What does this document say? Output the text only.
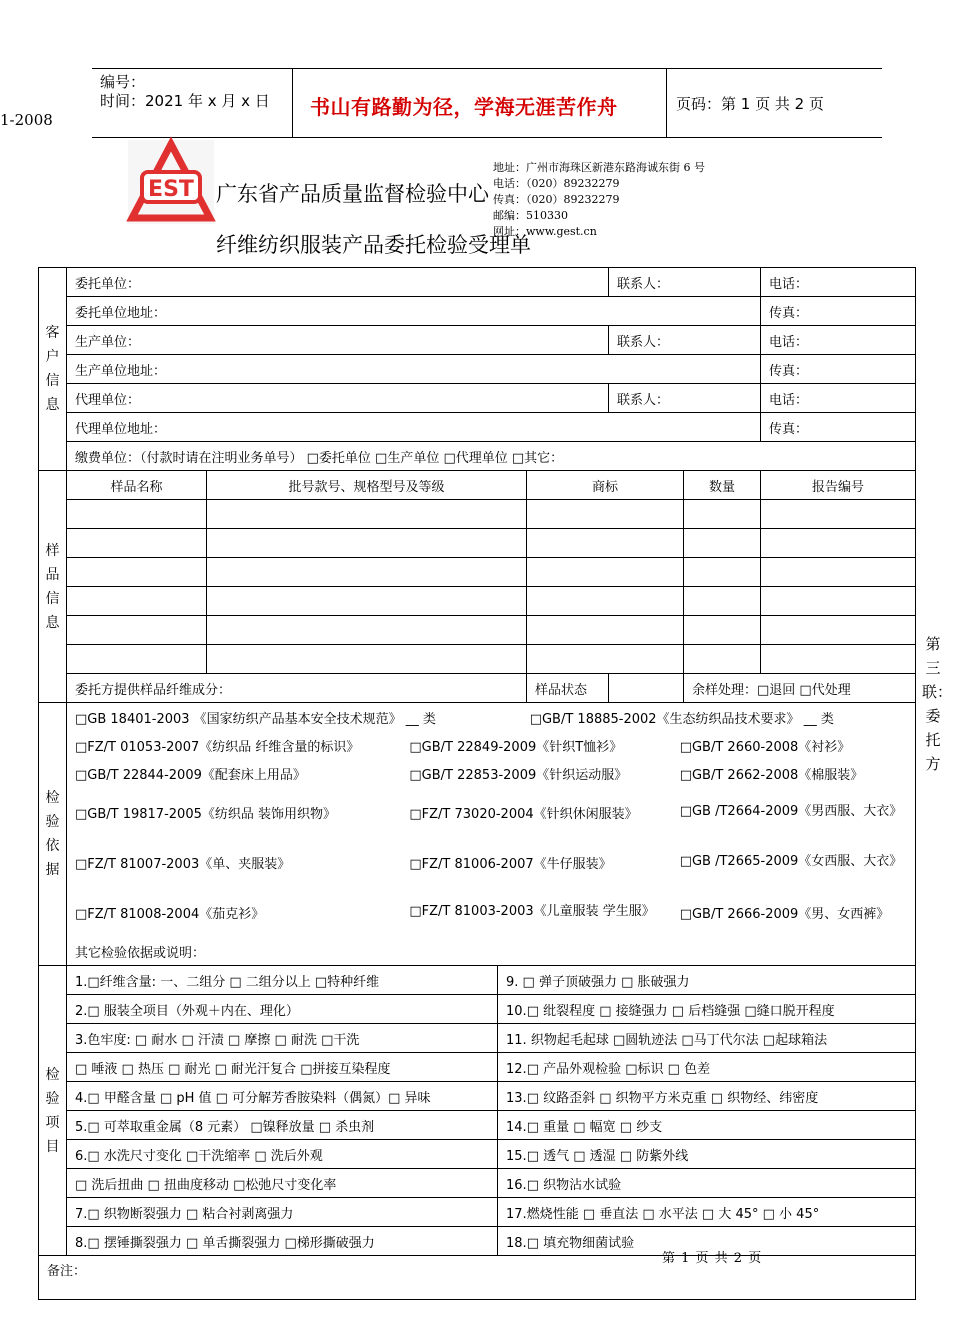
编号：
时间：2021 年 x 月 x 日 书山有路勤为径，学海无涯苦作舟	页码：第 1 页 共 2 页
1-2008
EST 广东省产品质量监督检验中心
纤维纺织服装产品委托检验受理单
地址：广州市海珠区新港东路海诚东街 6 号
电话：（020）89232279
传真：（020）89232279
邮编：510330
网址：www.gest.cn
客户信息	委托单位：	联系人：	电话：
委托单位地址：	传真：
生产单位：	联系人：	电话：
生产单位地址：	传真：
代理单位：	联系人：	电话：
代理单位地址：	传真：
缴费单位：（付款时请在注明业务单号） □委托单位 □生产单位 □代理单位 □其它：
样品信息	样品名称	批号款号、规格型号及等级	商标	数量	报告编号

委托方提供样品纤维成分：	样品状态		余样处理：□退回 □代处理
检验依据	
□GB 18401-2003 《国家纺织产品基本安全技术规范》 __ 类	□GB/T 18885-2002《生态纺织品技术要求》 __ 类
□FZ/T 01053-2007《纺织品 纤维含量的标识》	□GB/T 22849-2009《针织T恤衫》	□GB/T 2660-2008《衬衫》
□GB/T 22844-2009《配套床上用品》	□GB/T 22853-2009《针织运动服》	□GB/T 2662-2008《棉服装》
□GB/T 19817-2005《纺织品 装饰用织物》	□FZ/T 73020-2004《针织休闲服装》	□GB /T2664-2009《男西服、大衣》
□FZ/T 81007-2003《单、夹服装》	□FZ/T 81006-2007《牛仔服装》	□GB /T2665-2009《女西服、大衣》
□FZ/T 81008-2004《茄克衫》	□FZ/T 81003-2003《儿童服装 学生服》	□GB/T 2666-2009《男、女西裤》
其它检验依据或说明：

检验项目	
1.□纤维含量: 一、二组分 □ 二组分以上 □特种纤维	9. □ 弹子顶破强力 □ 胀破强力
2.□ 服装全项目（外观＋内在、理化）	10.□ 纰裂程度 □ 接缝强力 □ 后档缝强 □缝口脱开程度
3.色牢度: □ 耐水 □ 汗渍 □ 摩擦 □ 耐洗 □干洗	11. 织物起毛起球 □圆轨迹法 □马丁代尔法 □起球箱法
□ 唾液 □ 热压 □ 耐光 □ 耐光汗复合 □拼接互染程度	12.□ 产品外观检验 □标识 □ 色差
4.□ 甲醛含量 □ pH 值 □ 可分解芳香胺染料（偶氮）□ 异味	13.□ 纹路歪斜 □ 织物平方米克重 □ 织物经、纬密度
5.□ 可萃取重金属（8 元素） □镍释放量 □ 杀虫剂	14.□ 重量 □ 幅宽 □ 纱支
6.□ 水洗尺寸变化 □干洗缩率 □ 洗后外观	15.□ 透气 □ 透湿 □ 防紫外线
□ 洗后扭曲 □ 扭曲度移动 □松弛尺寸变化率	16.□ 织物沾水试验
7.□ 织物断裂强力 □ 粘合衬剥离强力	17.燃烧性能 □ 垂直法 □ 水平法 □ 大 45° □ 小 45°
8.□ 摆锤撕裂强力 □ 单舌撕裂强力 □梯形撕破强力	18.□ 填充物细菌试验

备注：
第三联：委托方
第 1 页 共 2 页
